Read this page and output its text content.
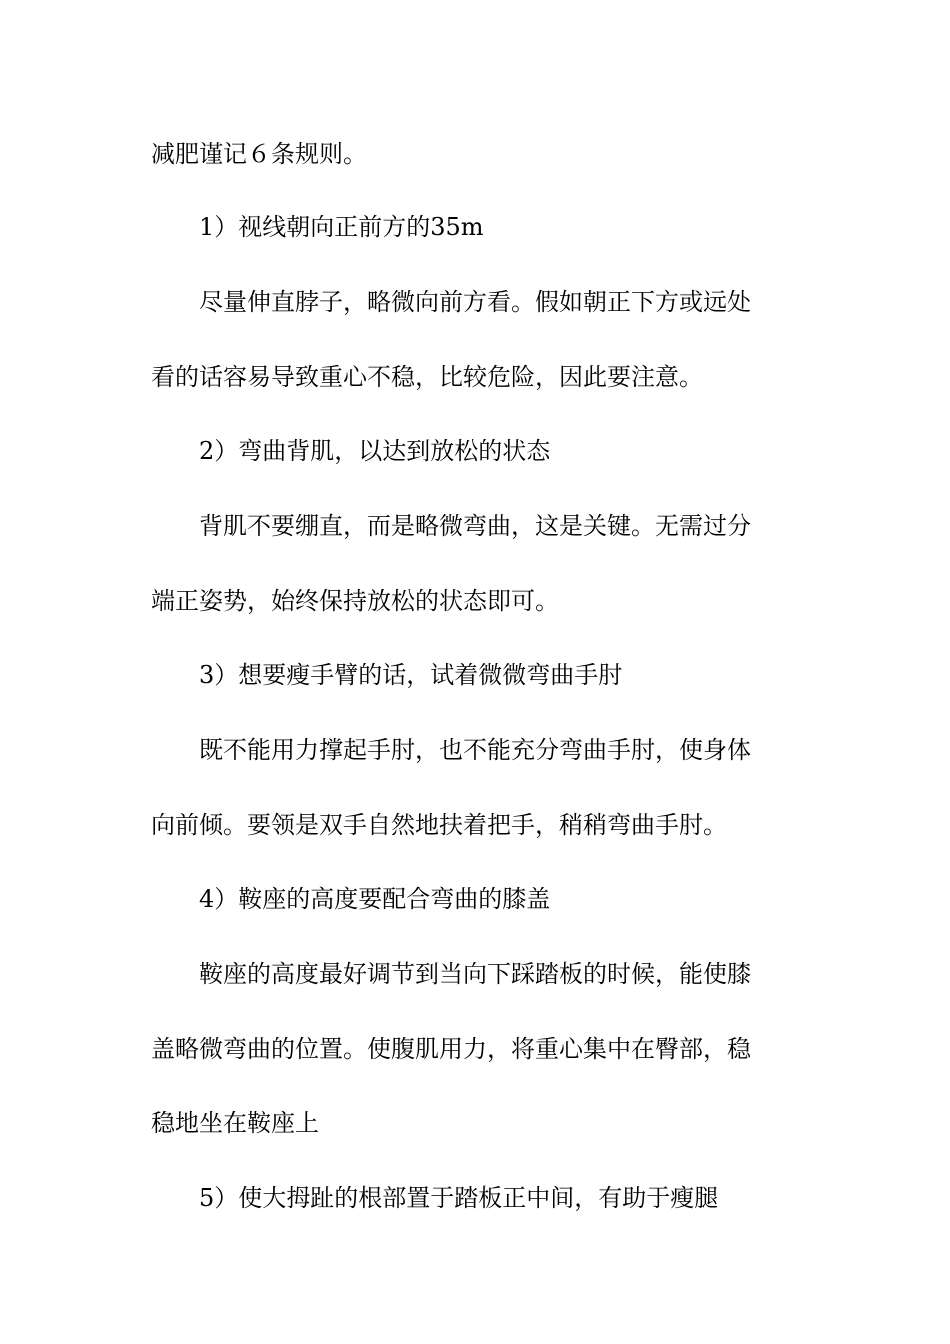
减肥谨记６条规则。
1）视线朝向正前方的35m
尽量伸直脖子，略微向前方看。假如朝正下方或远处
看的话容易导致重心不稳，比较危险，因此要注意。
2）弯曲背肌，以达到放松的状态
背肌不要绷直，而是略微弯曲，这是关键。无需过分
端正姿势，始终保持放松的状态即可。
3）想要瘦手臂的话，试着微微弯曲手肘
既不能用力撑起手肘，也不能充分弯曲手肘，使身体
向前倾。要领是双手自然地扶着把手，稍稍弯曲手肘。
4）鞍座的高度要配合弯曲的膝盖
鞍座的高度最好调节到当向下踩踏板的时候，能使膝
盖略微弯曲的位置。使腹肌用力，将重心集中在臀部，稳
稳地坐在鞍座上
5）使大拇趾的根部置于踏板正中间，有助于瘦腿
